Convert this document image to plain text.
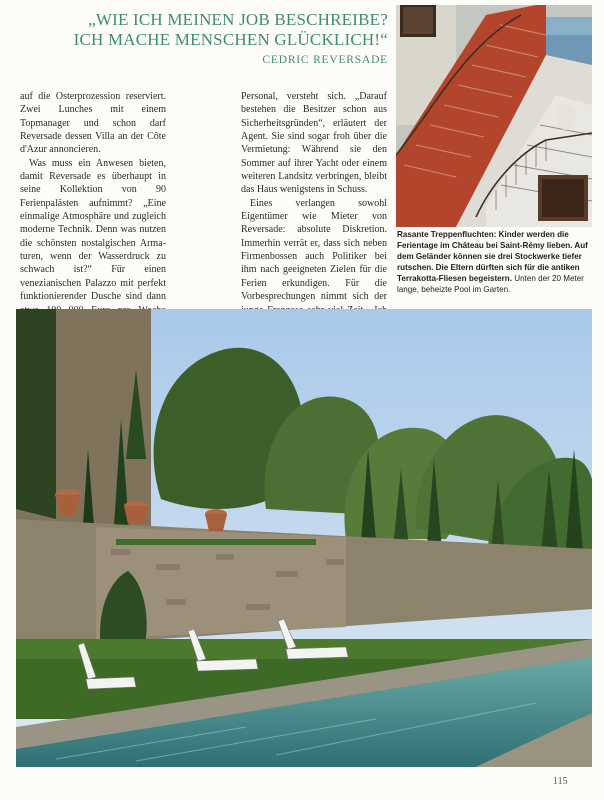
„WIE ICH MEINEN JOB BESCHREIBE? ICH MACHE MENSCHEN GLÜCKLICH!“

CEDRIC REVERSADE

auf die Osterprozession reserviert. Zwei Lunches mit einem Topmanager und schon darf Reversade dessen Villa an der Côte d'Azur annoncieren.

Was muss ein Anwesen bieten, damit Reversade es überhaupt in seine Kollektion von 90 Ferienpalästen aufnimmt? „Eine einmalige Atmosphäre und zugleich moderne Technik. Denn was nutzen die schönsten nostalgischen Armaturen, wenn der Wasserdruck zu schwach ist?“ Für einen venezianischen Palazzo mit perfekt funktionierender Dusche sind dann

Personal, versteht sich. „Darauf bestehen die Besitzer schon aus Sicherheitsgründen“, erläutert der Agent. Sie sind sogar froh über die Vermietung: Während sie den Sommer auf ihrer Yacht oder einem weiteren Landsitz verbringen, bleibt das Haus wenigstens in Schuss.

Eines verlangen sowohl Eigentümer wie Mieter von Reversade: absolute Diskretion. Immerhin verrät er, dass sich neben Firmenbossen auch Politiker bei ihm nach geeigneten Zielen für die Ferien erkundigen. Für die Vorbesprechungen nimmt sich der

Rasante Treppenfluchten: Kinder werden die Ferientage im Château bei Saint-Rémy lieben. Auf dem Geländer können sie drei Stockwerke tiefer rutschen. Die Eltern dürften sich für die antiken Terrakotta-Fliesen begeistern. Unten der 20 Meter lange, beheizte Pool im Garten.
115
